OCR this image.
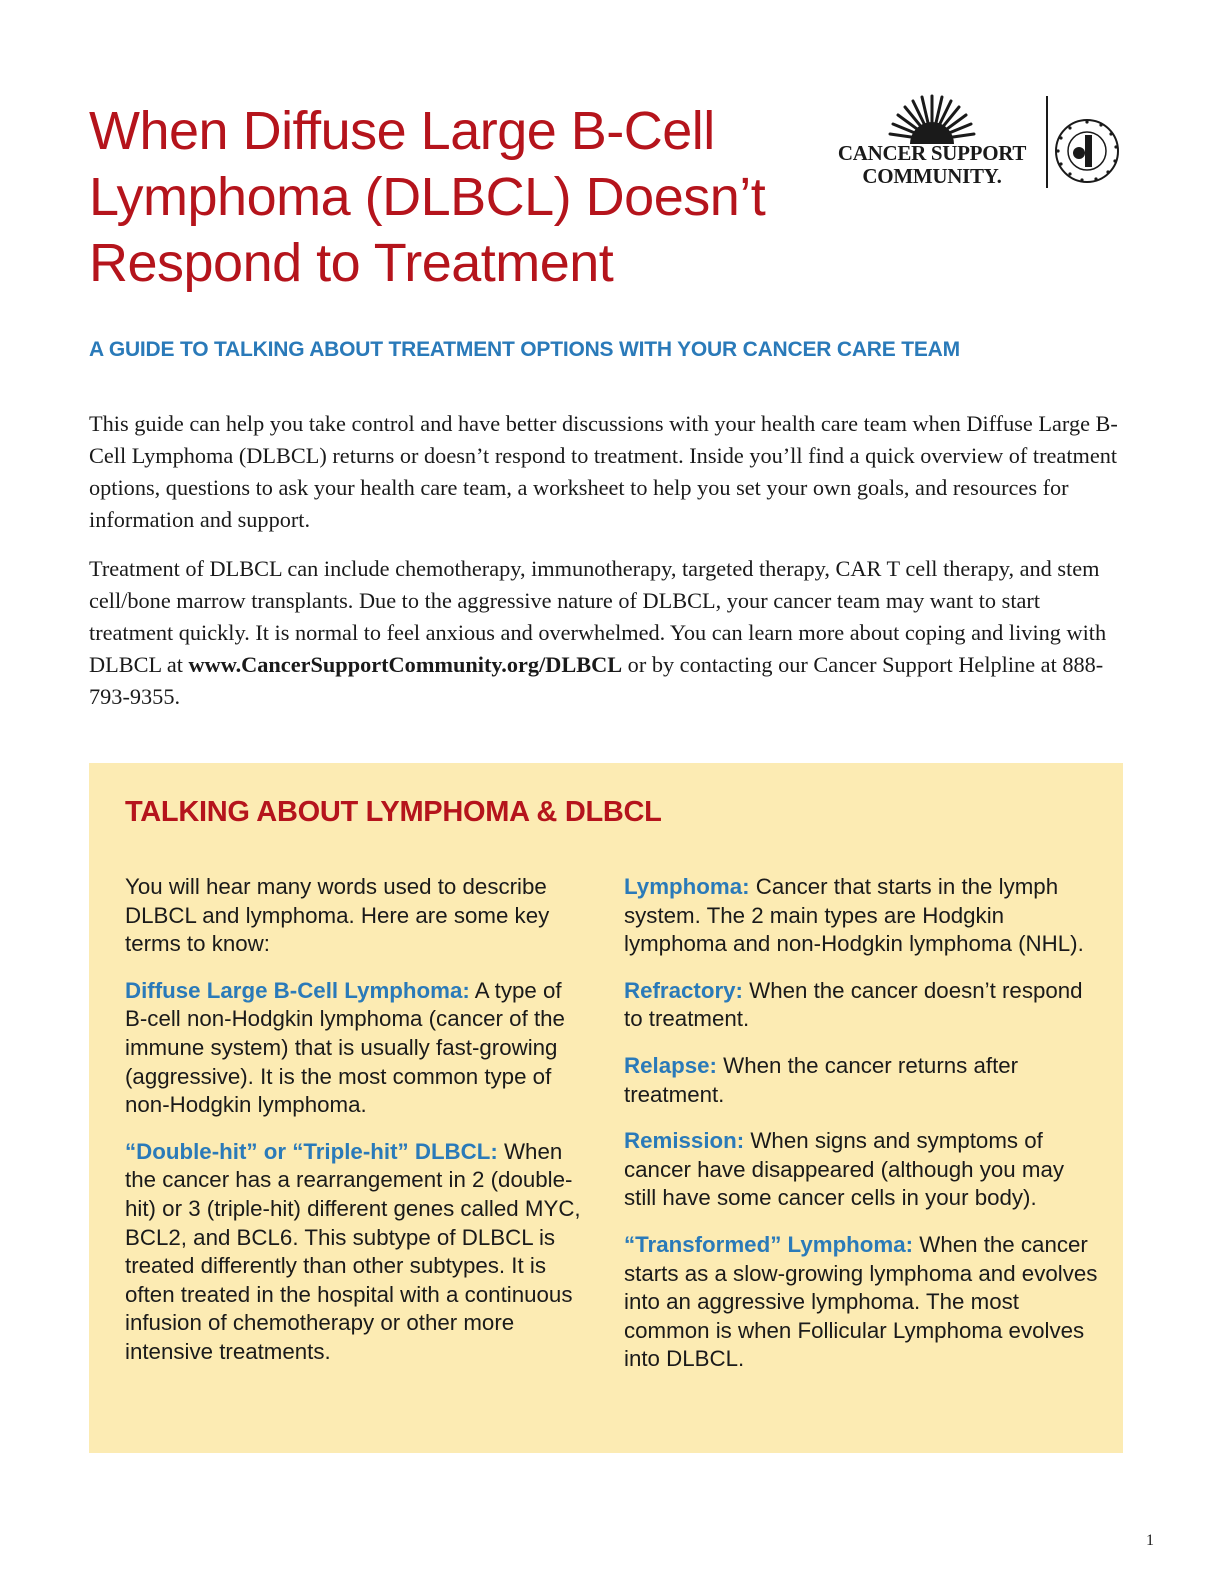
When Diffuse Large B-Cell Lymphoma (DLBCL) Doesn’t Respond to Treatment
CANCER SUPPORT
COMMUNITY.
A GUIDE TO TALKING ABOUT TREATMENT OPTIONS WITH YOUR CANCER CARE TEAM

This guide can help you take control and have better discussions with your health care team when Diffuse Large B-Cell Lymphoma (DLBCL) returns or doesn’t respond to treatment. Inside you’ll find a quick overview of treatment options, questions to ask your health care team, a worksheet to help you set your own goals, and resources for information and support.

Treatment of DLBCL can include chemotherapy, immunotherapy, targeted therapy, CAR T cell therapy, and stem cell/bone marrow transplants. Due to the aggressive nature of DLBCL, your cancer team may want to start treatment quickly. It is normal to feel anxious and overwhelmed. You can learn more about coping and living with DLBCL at www.CancerSupportCommunity.org/DLBCL or by contacting our Cancer Support Helpline at 888-793-9355.

TALKING ABOUT LYMPHOMA & DLBCL

You will hear many words used to describe DLBCL and lymphoma. Here are some key terms to know:

Diffuse Large B-Cell Lymphoma: A type of B-cell non-Hodgkin lymphoma (cancer of the immune system) that is usually fast-growing (aggressive). It is the most common type of non-Hodgkin lymphoma.

“Double-hit” or “Triple-hit” DLBCL: When the cancer has a rearrangement in 2 (double-hit) or 3 (triple-hit) different genes called MYC, BCL2, and BCL6. This subtype of DLBCL is treated differently than other subtypes. It is often treated in the hospital with a continuous infusion of chemotherapy or other more intensive treatments.

Lymphoma: Cancer that starts in the lymph system. The 2 main types are Hodgkin lymphoma and non-Hodgkin lymphoma (NHL).

Refractory: When the cancer doesn’t respond to treatment.

Relapse: When the cancer returns after treatment.

Remission: When signs and symptoms of cancer have disappeared (although you may still have some cancer cells in your body).

“Transformed” Lymphoma: When the cancer starts as a slow-growing lymphoma and evolves into an aggressive lymphoma. The most common is when Follicular Lymphoma evolves into DLBCL.

1
